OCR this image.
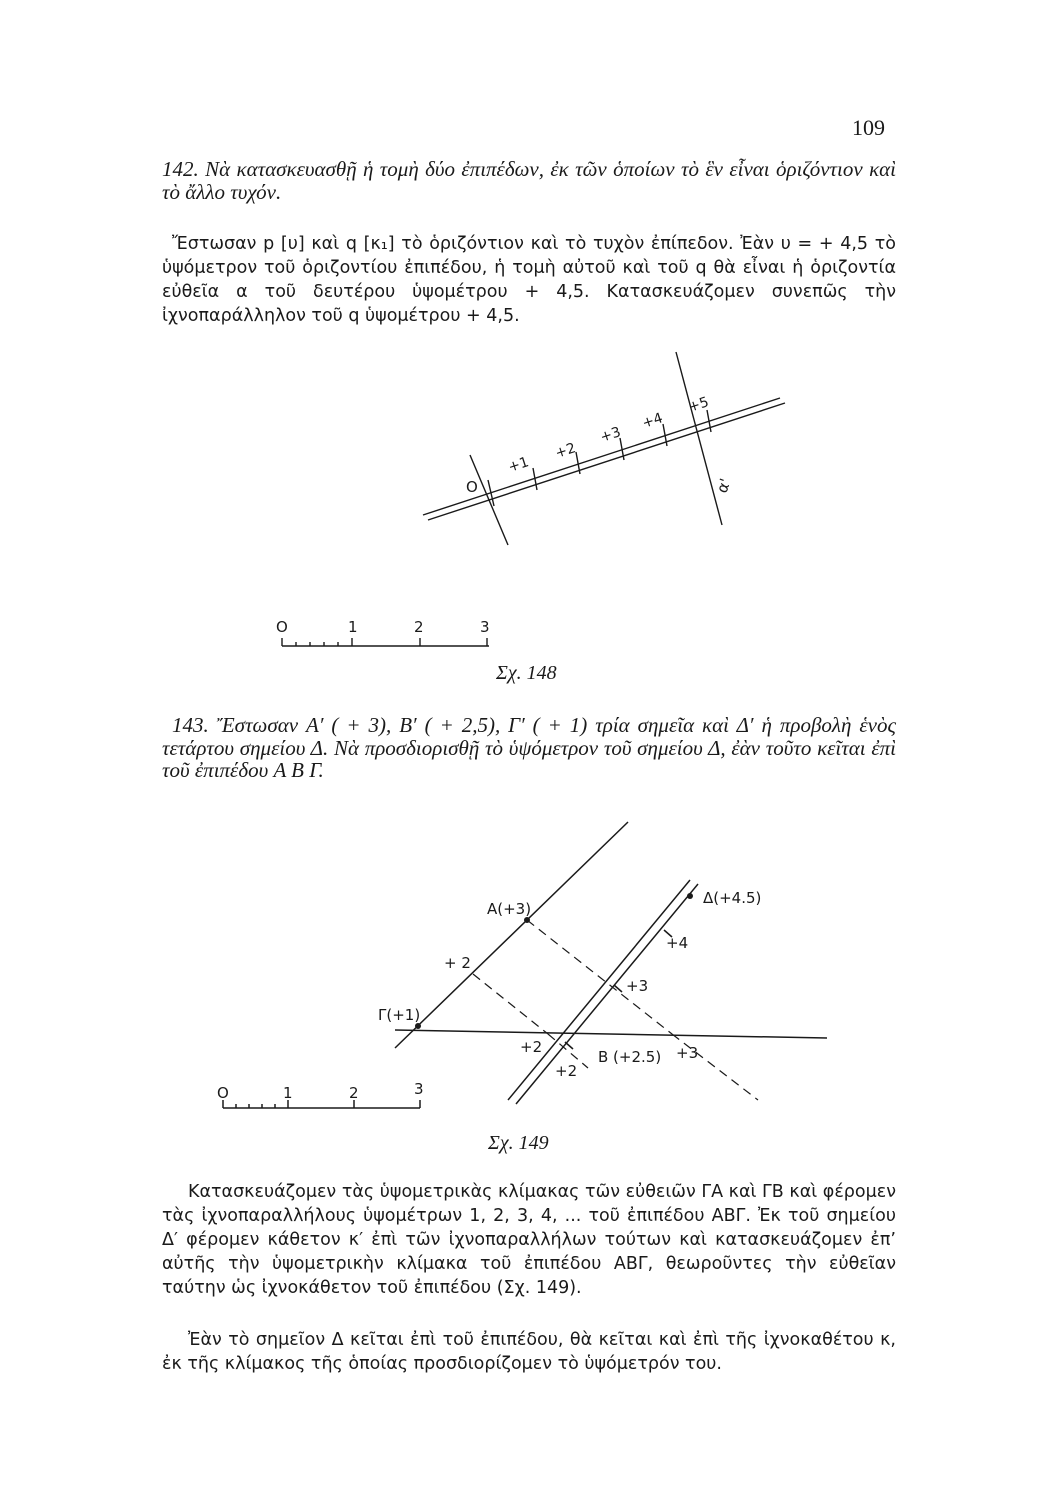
109

142. Νὰ κατασκευασθῇ ἡ τομὴ δύο ἐπιπέδων, ἐκ τῶν ὁποίων τὸ ἓν εἶναι ὁριζόντιον καὶ τὸ ἄλλο τυχόν.

Ἔστωσαν p [υ] καὶ q [κ₁] τὸ ὁριζόντιον καὶ τὸ τυχὸν ἐπίπεδον. Ἐὰν υ = + 4,5 τὸ ὑψόμετρον τοῦ ὁριζοντίου ἐπιπέδου, ἡ τομὴ αὐτοῦ καὶ τοῦ q θὰ εἶναι ἡ ὁριζοντία εὐθεῖα α τοῦ δευτέρου ὑψομέτρου + 4,5. Κατασκευάζομεν συνεπῶς τὴν ἰχνοπαράλληλον τοῦ q ὑψομέτρου + 4,5.

O
+1
+2
+3
+4
+5
α'
O	1	2	3
Σχ. 148

143. Ἔστωσαν A′ ( + 3), B′ ( + 2,5), Γ′ ( + 1) τρία σημεῖα καὶ Δ′ ἡ προβολὴ ἑνὸς τετάρτου σημείου Δ. Νὰ προσδιορισθῇ τὸ ὑψόμετρον τοῦ σημείου Δ, ἐὰν τοῦτο κεῖται ἐπὶ τοῦ ἐπιπέδου A B Γ.

A(+3)
Δ(+4.5)
Γ(+1)
B (+2.5)
+ 2
+4
+3
+2
+2
+3
O	1	2	3
Σχ. 149

Κατασκευάζομεν τὰς ὑψομετρικὰς κλίμακας τῶν εὐθειῶν ΓΑ καὶ ΓΒ καὶ φέρομεν τὰς ἰχνοπαραλλήλους ὑψομέτρων 1, 2, 3, 4, ... τοῦ ἐπιπέδου ΑΒΓ. Ἐκ τοῦ σημείου Δ′ φέρομεν κάθετον κ′ ἐπὶ τῶν ἰχνοπαραλλήλων τούτων καὶ κατασκευάζομεν ἐπ’ αὐτῆς τὴν ὑψομετρικὴν κλίμακα τοῦ ἐπιπέδου ΑΒΓ, θεωροῦντες τὴν εὐθεῖαν ταύτην ὡς ἰχνοκάθετον τοῦ ἐπιπέδου (Σχ. 149).

Ἐὰν τὸ σημεῖον Δ κεῖται ἐπὶ τοῦ ἐπιπέδου, θὰ κεῖται καὶ ἐπὶ τῆς ἰχνοκαθέτου κ, ἐκ τῆς κλίμακος τῆς ὁποίας προσδιορίζομεν τὸ ὑψόμετρόν του.
